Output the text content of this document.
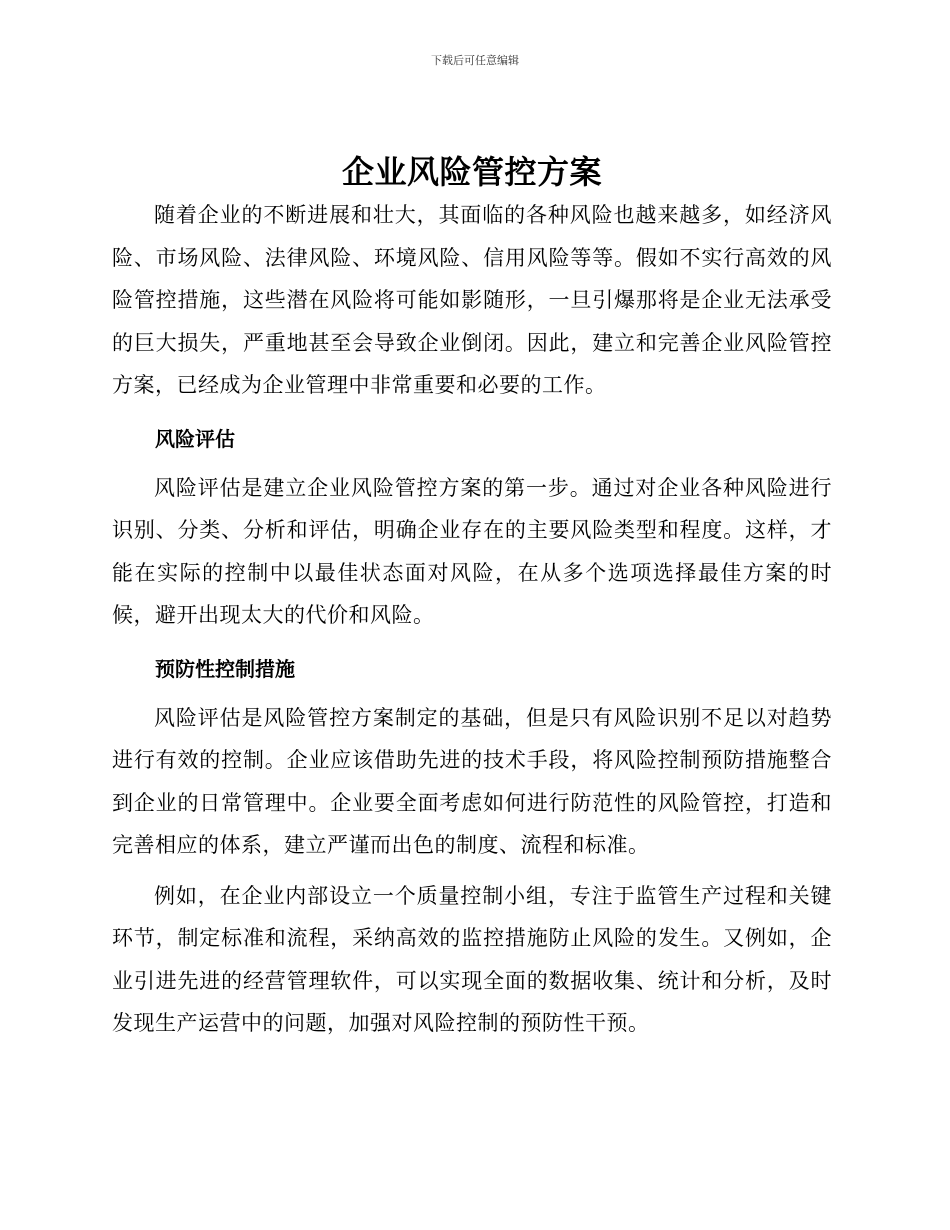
下载后可任意编辑
企业风险管控方案

随着企业的不断进展和壮大，其面临的各种风险也越来越多，如经济风险、市场风险、法律风险、环境风险、信用风险等等。假如不实行高效的风险管控措施，这些潜在风险将可能如影随形，一旦引爆那将是企业无法承受的巨大损失，严重地甚至会导致企业倒闭。因此，建立和完善企业风险管控方案，已经成为企业管理中非常重要和必要的工作。

风险评估

风险评估是建立企业风险管控方案的第一步。通过对企业各种风险进行识别、分类、分析和评估，明确企业存在的主要风险类型和程度。这样，才能在实际的控制中以最佳状态面对风险，在从多个选项选择最佳方案的时候，避开出现太大的代价和风险。

预防性控制措施

风险评估是风险管控方案制定的基础，但是只有风险识别不足以对趋势进行有效的控制。企业应该借助先进的技术手段，将风险控制预防措施整合到企业的日常管理中。企业要全面考虑如何进行防范性的风险管控，打造和完善相应的体系，建立严谨而出色的制度、流程和标准。

例如，在企业内部设立一个质量控制小组，专注于监管生产过程和关键环节，制定标准和流程，采纳高效的监控措施防止风险的发生。又例如，企业引进先进的经营管理软件，可以实现全面的数据收集、统计和分析，及时发现生产运营中的问题，加强对风险控制的预防性干预。
